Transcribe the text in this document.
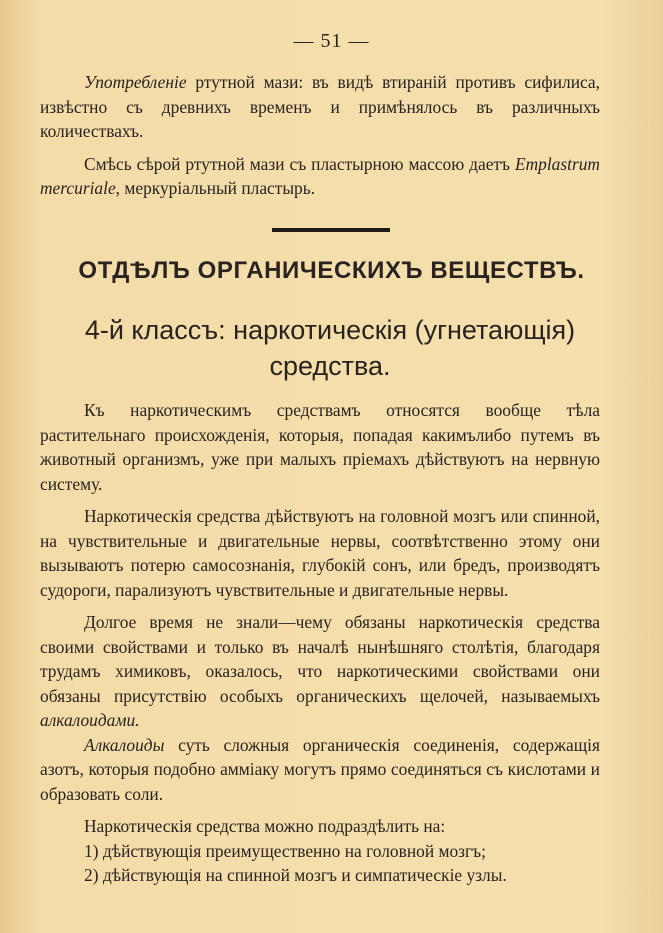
— 51 —

Употребленіе ртутной мази: въ видѣ втираній противъ сифилиса, извѣстно съ древнихъ временъ и примѣнялось въ различныхъ количествахъ.

Смѣсь сѣрой ртутной мази съ пластырною массою даетъ Emplastrum mercuriale, меркуріальный пластырь.

ОТДѢЛЪ ОРГАНИЧЕСКИХЪ ВЕЩЕСТВЪ.
4-й классъ: наркотическія (угнетающія)
средства.

Къ наркотическимъ средствамъ относятся вообще тѣла растительнаго происхожденія, которыя, попадая какимълибо путемъ въ животный организмъ, уже при малыхъ пріемахъ дѣйствуютъ на нервную систему.

Наркотическія средства дѣйствуютъ на головной мозгъ или спинной, на чувствительные и двигательные нервы, соотвѣтственно этому они вызываютъ потерю самосознанія, глубокій сонъ, или бредъ, производятъ судороги, парализуютъ чувствительные и двигательные нервы.

Долгое время не знали—чему обязаны наркотическія средства своими свойствами и только въ началѣ нынѣшняго столѣтія, благодаря трудамъ химиковъ, оказалось, что наркотическими свойствами они обязаны присутствію особыхъ органическихъ щелочей, называемыхъ алкалоидами.

Алкалоиды суть сложныя органическія соединенія, содержащія азотъ, которыя подобно аммiаку могутъ прямо соединяться съ кислотами и образовать соли.

Наркотическія средства можно подраздѣлить на:

1) дѣйствующія преимущественно на головной мозгъ;

2) дѣйствующія на спинной мозгъ и симпатическіе узлы.
